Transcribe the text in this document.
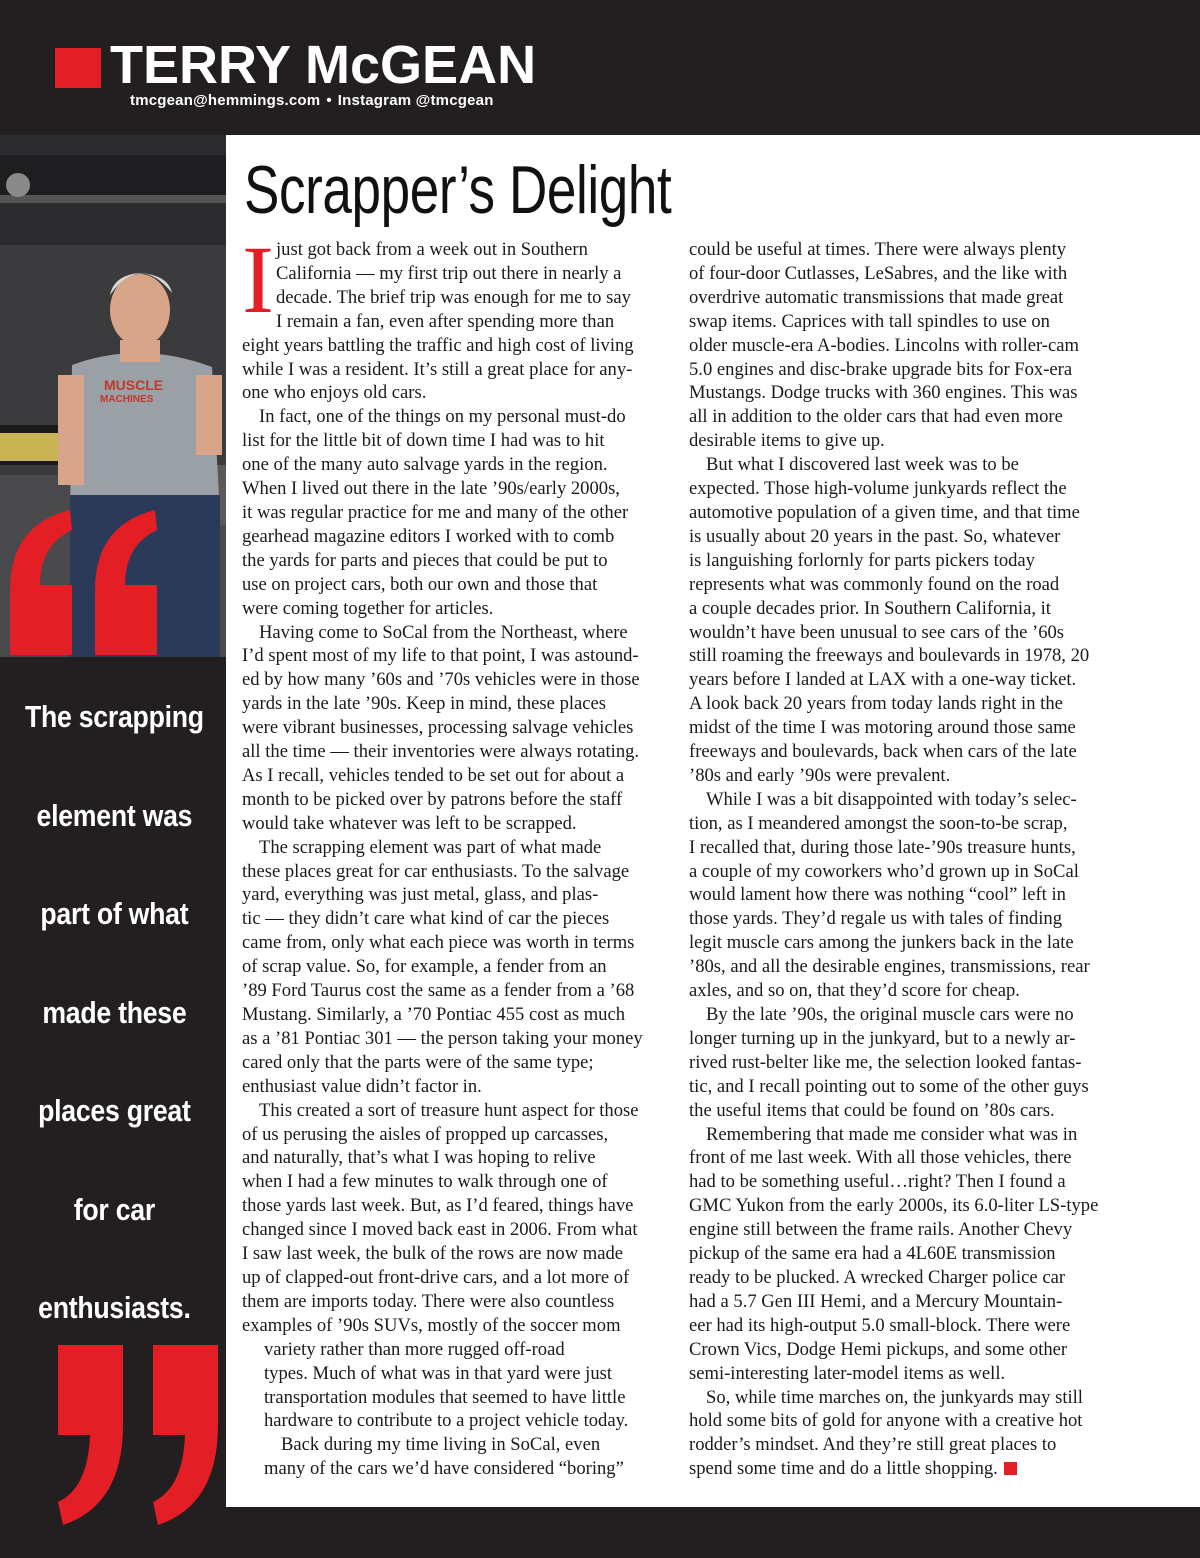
TERRY McGEAN
tmcgean@hemmings.com • Instagram @tmcgean
MUSCLE
MACHINES
The scrapping
element was
part of what
made these
places great
for car
enthusiasts.
Scrapper’s Delight
I just got back from a week out in Southern
California — my first trip out there in nearly a
decade. The brief trip was enough for me to say
I remain a fan, even after spending more than
eight years battling the traffic and high cost of living
while I was a resident. It’s still a great place for any-
one who enjoys old cars.

In fact, one of the things on my personal must-do

list for the little bit of down time I had was to hit
one of the many auto salvage yards in the region.
When I lived out there in the late ’90s/early 2000s,
it was regular practice for me and many of the other
gearhead magazine editors I worked with to comb
the yards for parts and pieces that could be put to
use on project cars, both our own and those that
were coming together for articles.

Having come to SoCal from the Northeast, where

I’d spent most of my life to that point, I was astound-
ed by how many ’60s and ’70s vehicles were in those
yards in the late ’90s. Keep in mind, these places
were vibrant businesses, processing salvage vehicles
all the time — their inventories were always rotating.
As I recall, vehicles tended to be set out for about a
month to be picked over by patrons before the staff
would take whatever was left to be scrapped.

The scrapping element was part of what made

these places great for car enthusiasts. To the salvage
yard, everything was just metal, glass, and plas-
tic — they didn’t care what kind of car the pieces
came from, only what each piece was worth in terms
of scrap value. So, for example, a fender from an
’89 Ford Taurus cost the same as a fender from a ’68
Mustang. Similarly, a ’70 Pontiac 455 cost as much
as a ’81 Pontiac 301 — the person taking your money
cared only that the parts were of the same type;
enthusiast value didn’t factor in.

This created a sort of treasure hunt aspect for those

of us perusing the aisles of propped up carcasses,
and naturally, that’s what I was hoping to relive
when I had a few minutes to walk through one of
those yards last week. But, as I’d feared, things have
changed since I moved back east in 2006. From what
I saw last week, the bulk of the rows are now made
up of clapped-out front-drive cars, and a lot more of
them are imports today. There were also countless
examples of ’90s SUVs, mostly of the soccer mom
variety rather than more rugged off-road
types. Much of what was in that yard were just
transportation modules that seemed to have little
hardware to contribute to a project vehicle today.

Back during my time living in SoCal, even

many of the cars we’d have considered “boring”

could be useful at times. There were always plenty
of four-door Cutlasses, LeSabres, and the like with
overdrive automatic transmissions that made great
swap items. Caprices with tall spindles to use on
older muscle-era A-bodies. Lincolns with roller-cam
5.0 engines and disc-brake upgrade bits for Fox-era
Mustangs. Dodge trucks with 360 engines. This was
all in addition to the older cars that had even more
desirable items to give up.

But what I discovered last week was to be

expected. Those high-volume junkyards reflect the
automotive population of a given time, and that time
is usually about 20 years in the past. So, whatever
is languishing forlornly for parts pickers today
represents what was commonly found on the road
a couple decades prior. In Southern California, it
wouldn’t have been unusual to see cars of the ’60s
still roaming the freeways and boulevards in 1978, 20
years before I landed at LAX with a one-way ticket.
A look back 20 years from today lands right in the
midst of the time I was motoring around those same
freeways and boulevards, back when cars of the late
’80s and early ’90s were prevalent.

While I was a bit disappointed with today’s selec-

tion, as I meandered amongst the soon-to-be scrap,
I recalled that, during those late-’90s treasure hunts,
a couple of my coworkers who’d grown up in SoCal
would lament how there was nothing “cool” left in
those yards. They’d regale us with tales of finding
legit muscle cars among the junkers back in the late
’80s, and all the desirable engines, transmissions, rear
axles, and so on, that they’d score for cheap.

By the late ’90s, the original muscle cars were no

longer turning up in the junkyard, but to a newly ar-
rived rust-belter like me, the selection looked fantas-
tic, and I recall pointing out to some of the other guys
the useful items that could be found on ’80s cars.

Remembering that made me consider what was in

front of me last week. With all those vehicles, there
had to be something useful…right? Then I found a
GMC Yukon from the early 2000s, its 6.0-liter LS-type
engine still between the frame rails. Another Chevy
pickup of the same era had a 4L60E transmission
ready to be plucked. A wrecked Charger police car
had a 5.7 Gen III Hemi, and a Mercury Mountain-
eer had its high-output 5.0 small-block. There were
Crown Vics, Dodge Hemi pickups, and some other
semi-interesting later-model items as well.

So, while time marches on, the junkyards may still

hold some bits of gold for anyone with a creative hot
rodder’s mindset. And they’re still great places to
spend some time and do a little shopping.
